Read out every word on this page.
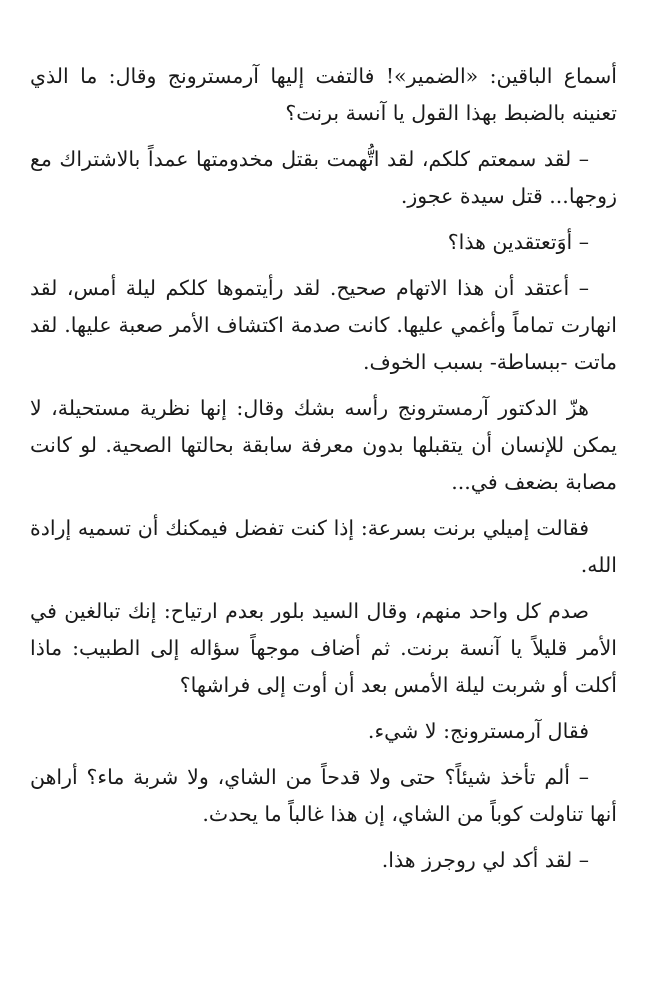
أسماع الباقين: «الضمير»! فالتفت إليها آرمسترونج وقال: ما الذي تعنينه بالضبط بهذا القول يا آنسة برنت؟

– لقد سمعتم كلكم، لقد اتُّهمت بقتل مخدومتها عمداً بالاشتراك مع زوجها... قتل سيدة عجوز.

– أوَتعتقدين هذا؟

– أعتقد أن هذا الاتهام صحيح. لقد رأيتموها كلكم ليلة أمس، لقد انهارت تماماً وأغمي عليها. كانت صدمة اكتشاف الأمر صعبة عليها. لقد ماتت -ببساطة- بسبب الخوف.

هزّ الدكتور آرمسترونج رأسه بشك وقال: إنها نظرية مستحيلة، لا يمكن للإنسان أن يتقبلها بدون معرفة سابقة بحالتها الصحية. لو كانت مصابة بضعف في...

فقالت إميلي برنت بسرعة: إذا كنت تفضل فيمكنك أن تسميه إرادة الله.

صدم كل واحد منهم، وقال السيد بلور بعدم ارتياح: إنك تبالغين في الأمر قليلاً يا آنسة برنت. ثم أضاف موجهاً سؤاله إلى الطبيب: ماذا أكلت أو شربت ليلة الأمس بعد أن أوت إلى فراشها؟

فقال آرمسترونج: لا شيء.

– ألم تأخذ شيئاً؟ حتى ولا قدحاً من الشاي، ولا شربة ماء؟ أراهن أنها تناولت كوباً من الشاي، إن هذا غالباً ما يحدث.

– لقد أكد لي روجرز هذا.
